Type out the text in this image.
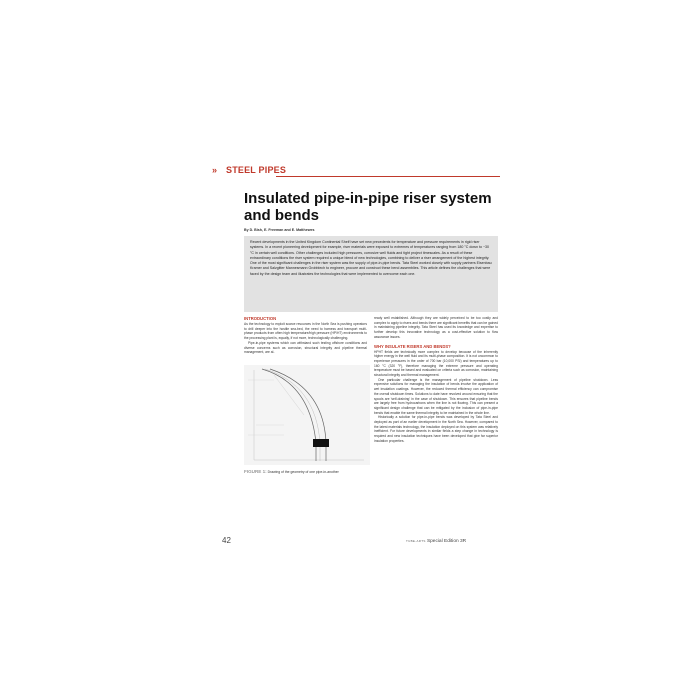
» STEEL PIPES
Insulated pipe-in-pipe riser system and bends
By D. Bish, E. Freeman and E. Matthewes

Recent developments in the United Kingdom Continental Shelf have set new precedents for temperature and pressure requirements in rigid riser systems. In a recent pioneering development for example, riser materials were exposed to extremes of temperatures ranging from 180 °C down to −30 °C in certain well conditions. Other challenges included high pressures, corrosive well fluids and tight project timescales. As a result of these extraordinary conditions the riser system required a unique blend of new technologies, combining to deliver a riser arrangement of the highest integrity. One of the most significant challenges in the riser system was the supply of pipe-in-pipe bends. Tata Steel worked closely with supply partners Eisenbau Kramer and Salzgitter Mannesmann Grobblech to engineer, procure and construct these bend assemblies. This article defines the challenges that were faced by the design team and illustrates the technologies that were implemented to overcome each one.

INTRODUCTION

As the technology to exploit scarce resources in the North Sea is pushing operators to drill deeper into the hostile sea-bed, the need to harness and transport multi-phase products from often high temperature/high pressure (HP/HT) environments to the processing plant is, equally, if not more, technologically challenging.

Pipe-in-pipe systems which can withstand such testing offshore conditions and diverse concerns such as corrosion, structural integrity and pipeline thermal management, are al-

ready well established. Although they are widely perceived to be too costly and complex to apply to risers and bends there are significant benefits that can be gained in maintaining pipeline integrity. Tata Steel has used its knowledge and expertise to further develop this innovative technology as a cost-effective solution to flow assurance issues.

WHY INSULATE RISERS AND BENDS?

HPHT fields are technically more complex to develop because of the inherently higher energy in the well fluid and its multi-phase composition. It is not uncommon to experience pressures in the order of 700 bar (10,000 PSI) and temperatures up to 160 °C (320 °F), therefore managing the extreme pressure and operating temperature must be based and evaluated on criteria such as corrosion, maintaining structural integrity and thermal management.

One particular challenge is the management of pipeline shutdown. Less expensive solutions for managing the insulation of bends involve the application of wet insulation coatings. However, the reduced thermal efficiency can compromise the overall shutdown times. Solutions to date have revolved around ensuring that the spools are 'self-draining' in the case of shutdown. This ensures that pipeline bends are largely free from hydrocarbons when the line is not flowing. This can present a significant design challenge that can be mitigated by the inclusion of pipe-in-pipe bends that enable the same thermal integrity to be maintained in the whole line.

Historically a solution for pipe-in-pipe bends was developed by Tata Steel and deployed as part of an earlier development in the North Sea. However, compared to the latest materials technology, the insulation deployed on this system was relatively inefficient. For future developments in similar fields a step change in technology is required and new insulation techniques have been developed that give far superior insulation properties.

FIGURE 1: Drawing of the geometry of one pipe-in-another
42	TUBE-ARTS Special Edition 3R
